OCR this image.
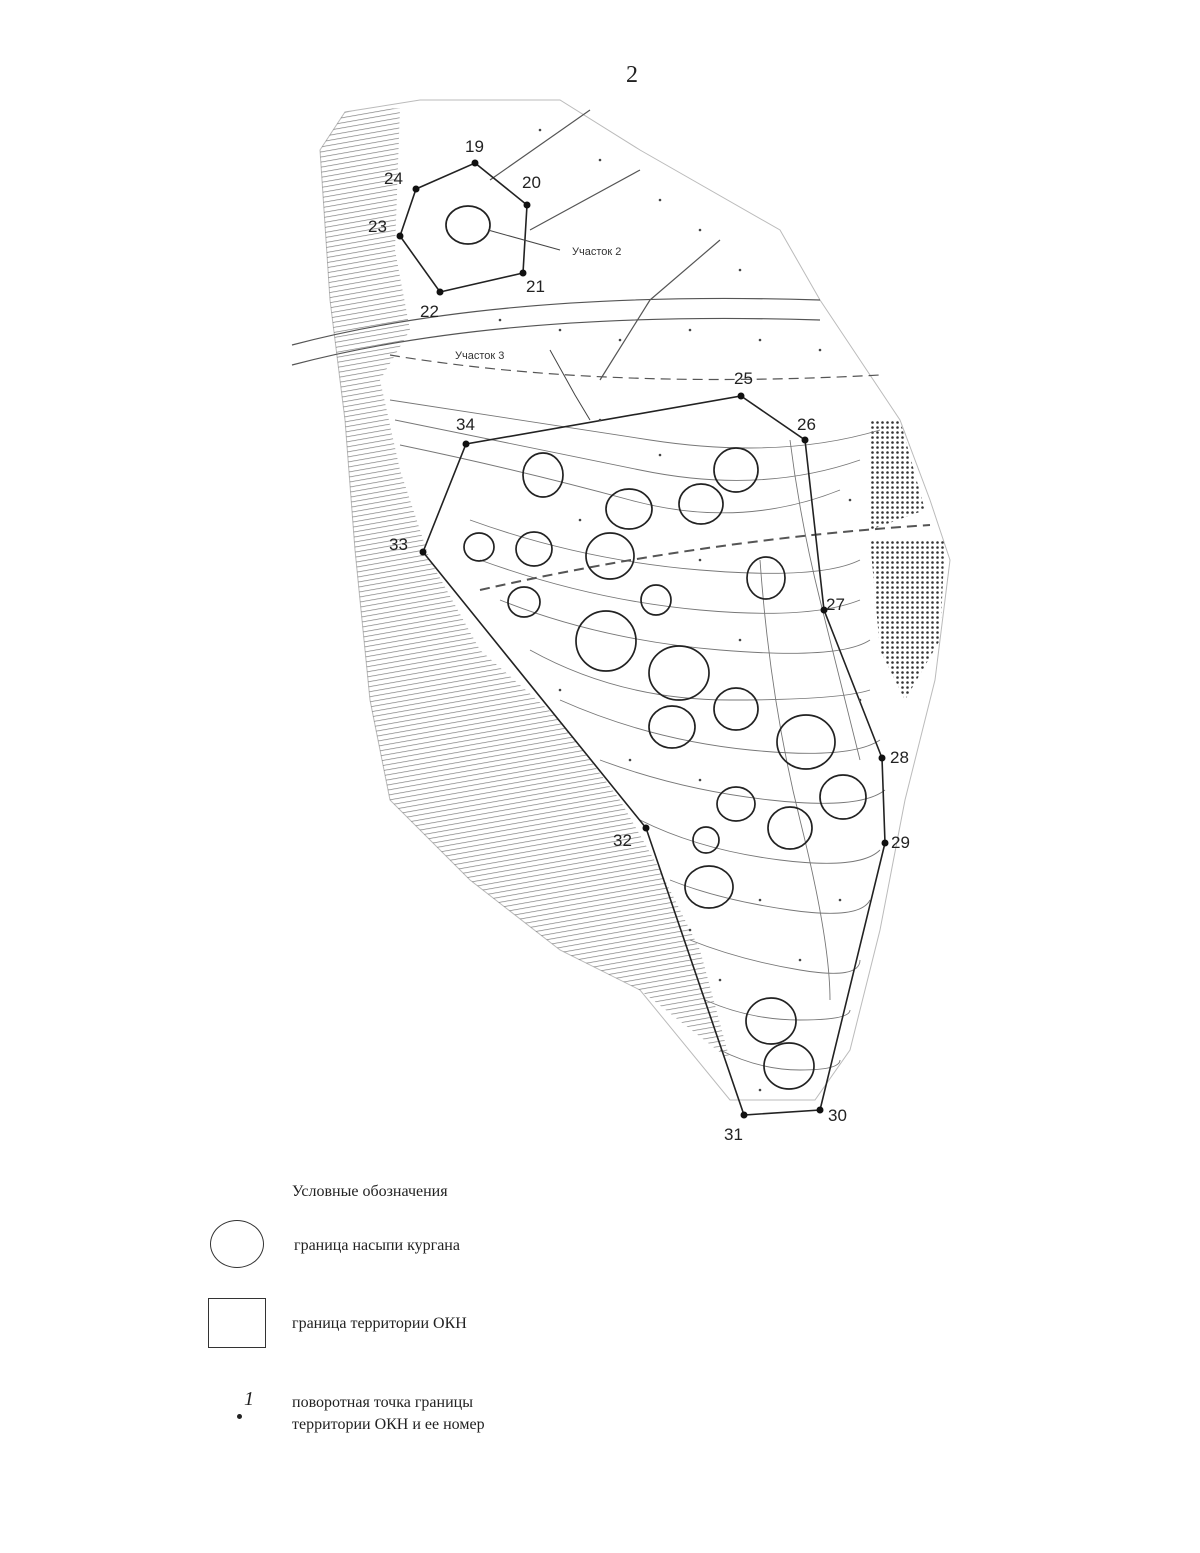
2
Участок 2
Участок 3
19
20
21
22
23
24
25
26
27
28
29
30
31
32
33
34
Условные обозначения
граница насыпи кургана
граница территории ОКН
1 поворотная точка границы
территории ОКН и ее номер
